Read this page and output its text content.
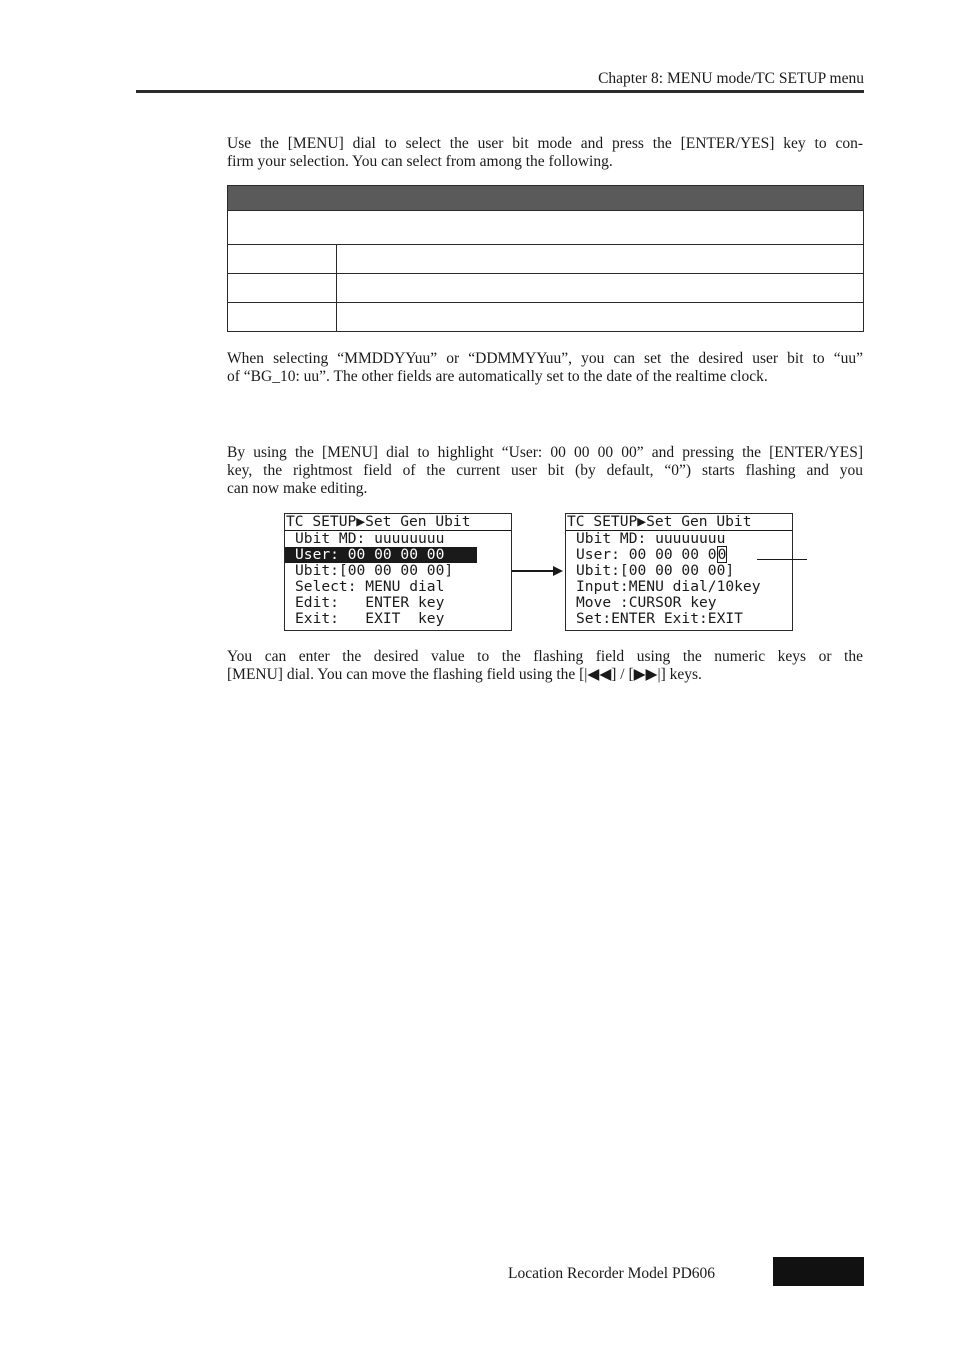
Chapter 8: MENU mode/TC SETUP menu
Use the [MENU] dial to select the user bit mode and press the [ENTER/YES] key to con-
firm your selection. You can select from among the following.

When selecting “MMDDYYuu” or “DDMMYYuu”, you can set the desired user bit to “uu”
of “BG_10: uu”. The other fields are automatically set to the date of the realtime clock.
By using the [MENU] dial to highlight “User: 00 00 00 00” and pressing the [ENTER/YES]
key, the rightmost field of the current user bit (by default, “0”) starts flashing and you
can now make editing.
TC SETUP▶Set Gen Ubit
Ubit MD: uuuuuuuu
User: 00 00 00 00
Ubit:[00 00 00 00]
Select: MENU dial
Edit:   ENTER key
Exit:   EXIT  key
TC SETUP▶Set Gen Ubit
Ubit MD: uuuuuuuu
User: 00 00 00 00
Ubit:[00 00 00 00]
Input:MENU dial/10key
Move :CURSOR key
Set:ENTER Exit:EXIT
You can enter the desired value to the flashing field using the numeric keys or the
[MENU] dial. You can move the flashing field using the [|◀◀] / [▶▶|] keys.
Location Recorder Model PD606
